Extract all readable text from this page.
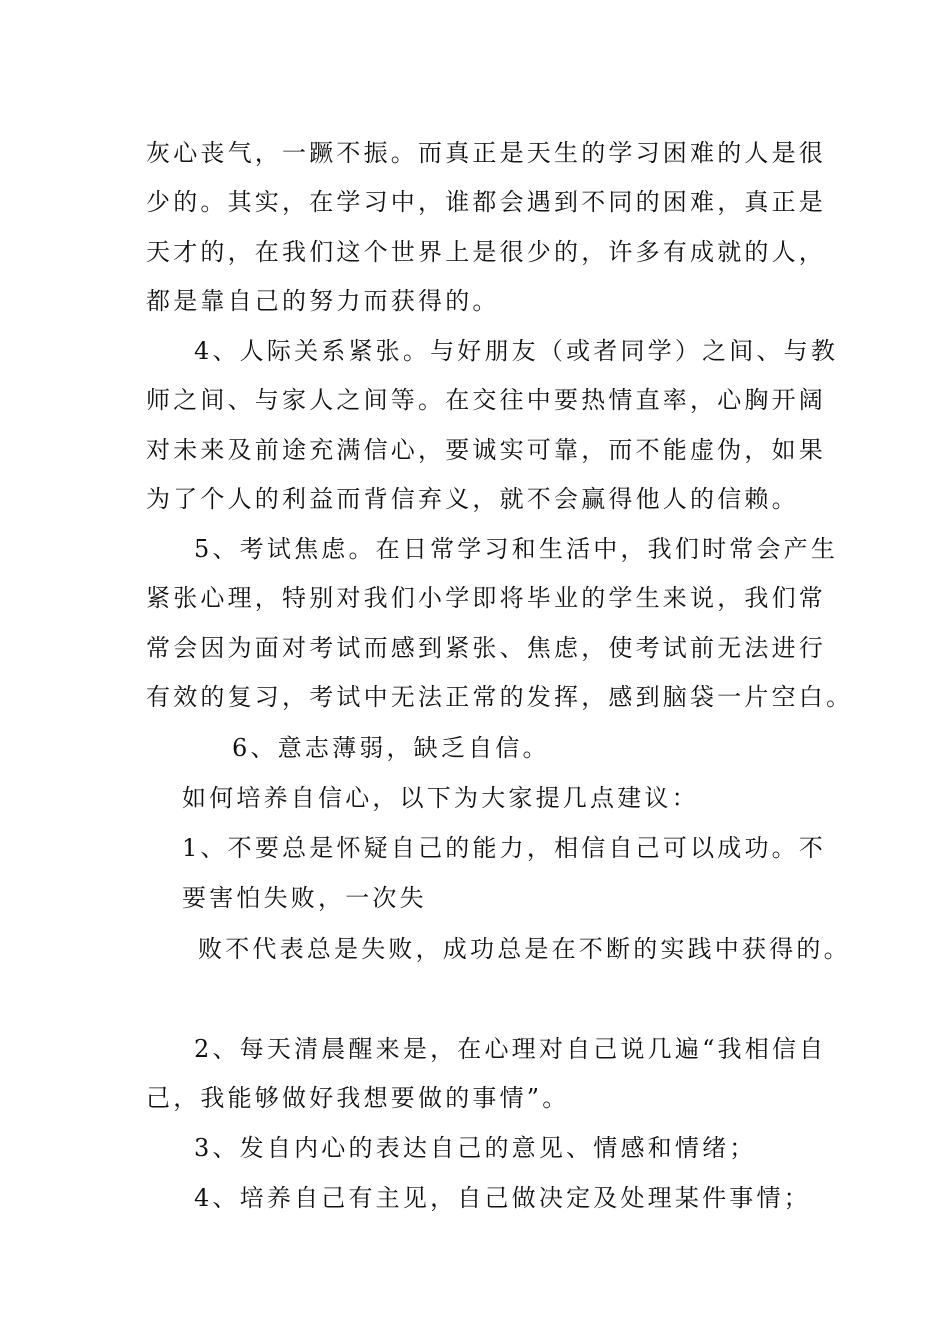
灰心丧气，一蹶不振。而真正是天生的学习困难的人是很
少的。其实，在学习中，谁都会遇到不同的困难，真正是
天才的，在我们这个世界上是很少的，许多有成就的人，
都是靠自己的努力而获得的。
4、人际关系紧张。与好朋友（或者同学）之间、与教
师之间、与家人之间等。在交往中要热情直率，心胸开阔
对未来及前途充满信心，要诚实可靠，而不能虚伪，如果
为了个人的利益而背信弃义，就不会赢得他人的信赖。
5、考试焦虑。在日常学习和生活中，我们时常会产生
紧张心理，特别对我们小学即将毕业的学生来说，我们常
常会因为面对考试而感到紧张、焦虑，使考试前无法进行
有效的复习，考试中无法正常的发挥，感到脑袋一片空白。
6、意志薄弱，缺乏自信。
如何培养自信心，以下为大家提几点建议：
1、不要总是怀疑自己的能力，相信自己可以成功。不
要害怕失败，一次失
败不代表总是失败，成功总是在不断的实践中获得的。
2、每天清晨醒来是，在心理对自己说几遍“我相信自
己，我能够做好我想要做的事情”。
3、发自内心的表达自己的意见、情感和情绪；
4、培养自己有主见，自己做决定及处理某件事情；
